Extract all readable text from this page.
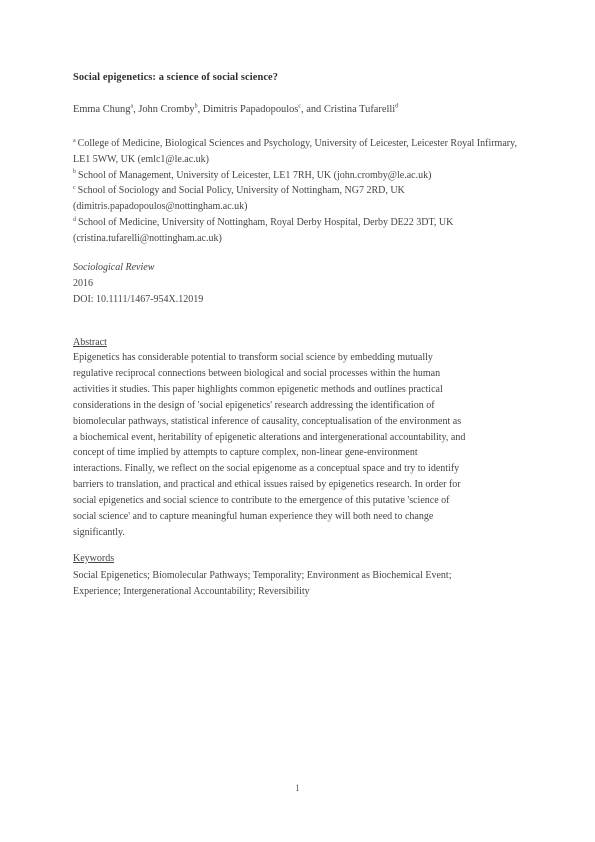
Social epigenetics: a science of social science?
Emma Chung$^a$, John Cromby$^b$, Dimitris Papadopoulos$^c$, and Cristina Tufarelli$^d$

$^a$ College of Medicine, Biological Sciences and Psychology, University of Leicester, Leicester Royal Infirmary, LE1 5WW, UK (emlc1@le.ac.uk)

$^b$ School of Management, University of Leicester, LE1 7RH, UK (john.cromby@le.ac.uk)

$^c$ School of Sociology and Social Policy, University of Nottingham, NG7 2RD, UK (dimitris.papadopoulos@nottingham.ac.uk)

$^d$ School of Medicine, University of Nottingham, Royal Derby Hospital, Derby DE22 3DT, UK (cristina.tufarelli@nottingham.ac.uk)

Sociological Review
2016
DOI: 10.1111/1467-954X.12019
Abstract
Epigenetics has considerable potential to transform social science by embedding mutually
regulative reciprocal connections between biological and social processes within the human
activities it studies. This paper highlights common epigenetic methods and outlines practical
considerations in the design of 'social epigenetics' research addressing the identification of
biomolecular pathways, statistical inference of causality, conceptualisation of the environment as
a biochemical event, heritability of epigenetic alterations and intergenerational accountability, and
concept of time implied by attempts to capture complex, non-linear gene-environment
interactions. Finally, we reflect on the social epigenome as a conceptual space and try to identify
barriers to translation, and practical and ethical issues raised by epigenetics research. In order for
social epigenetics and social science to contribute to the emergence of this putative 'science of
social science' and to capture meaningful human experience they will both need to change
significantly.
Keywords
Social Epigenetics; Biomolecular Pathways; Temporality; Environment as Biochemical Event;
Experience; Intergenerational Accountability; Reversibility
1
